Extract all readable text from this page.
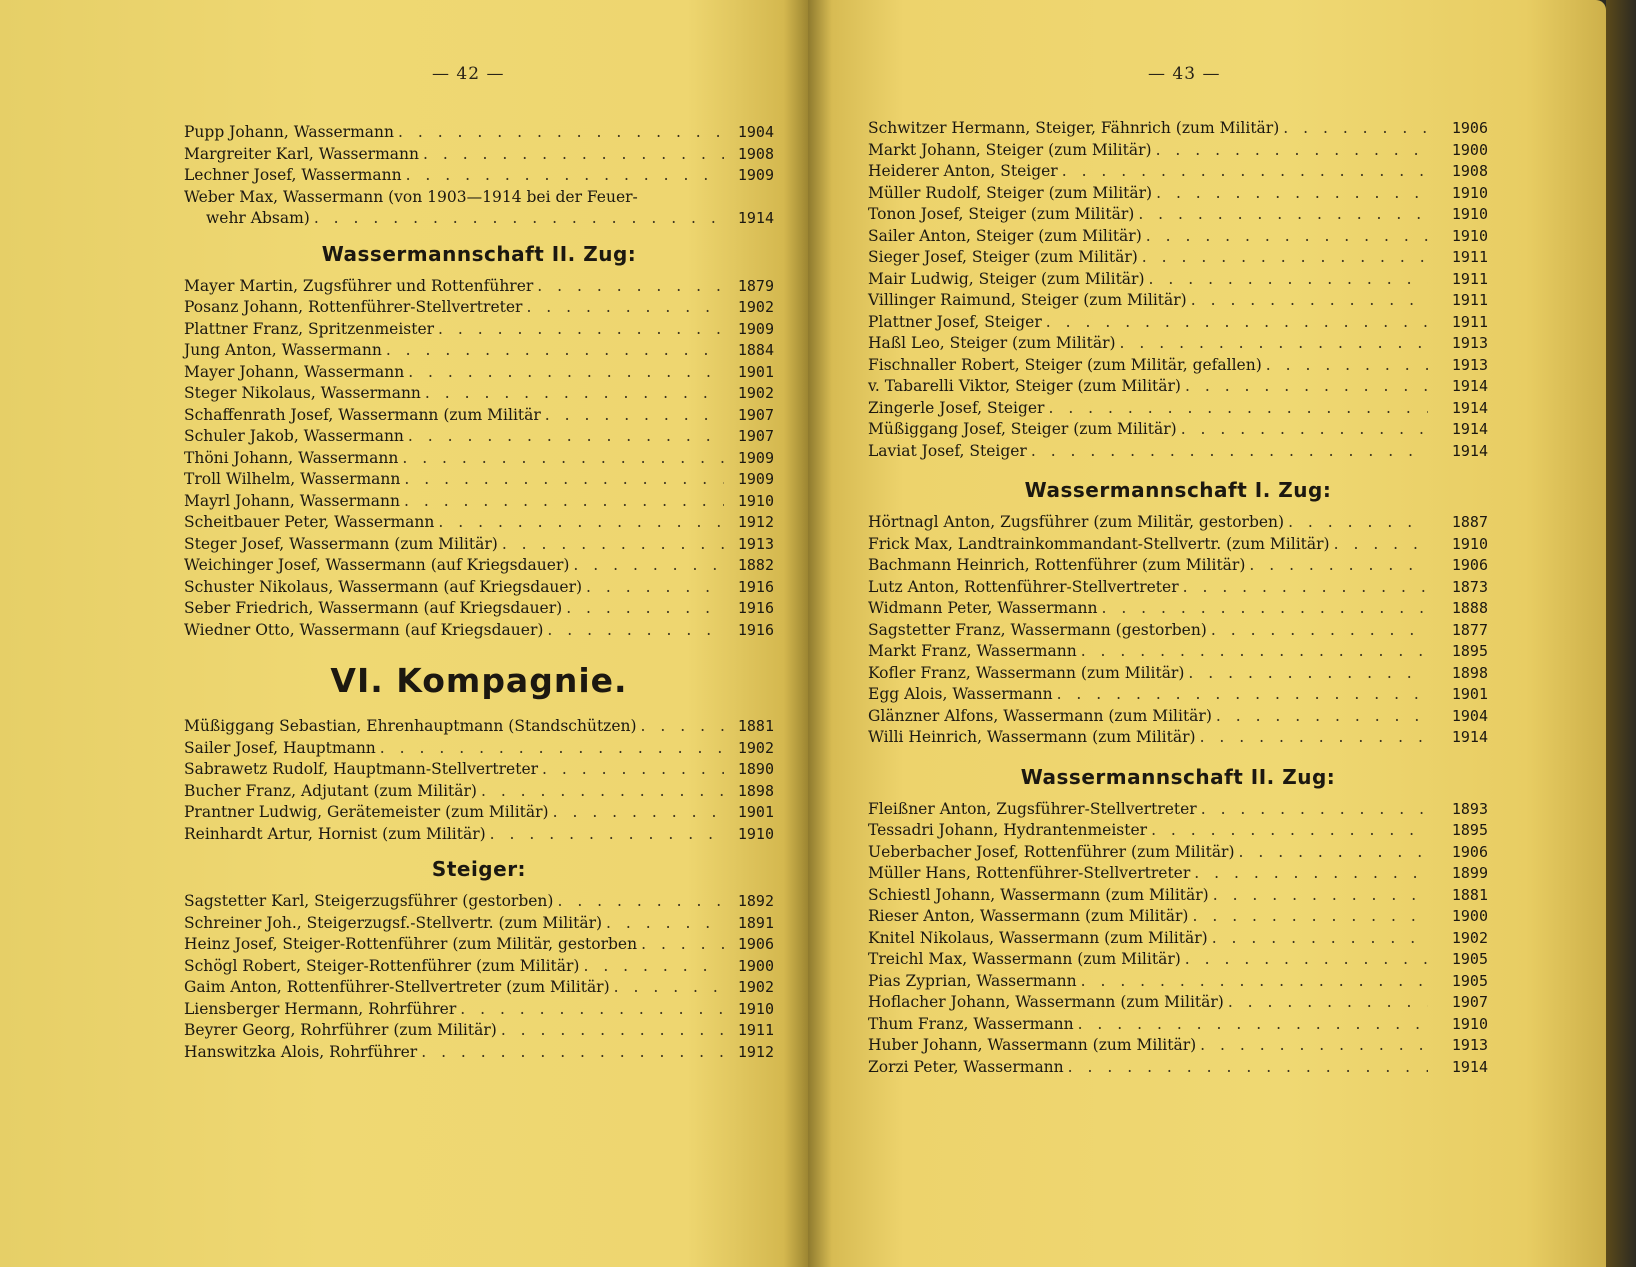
— 42 —
Pupp Johann, Wassermann . . .	1904
Margreiter Karl, Wassermann . . .	1908
Lechner Josef, Wassermann . . .	1909
Weber Max, Wassermann (von 1903—1914 bei der Feuer-
wehr Absam) . . .	1914
Wassermannschaft II. Zug:
Mayer Martin, Zugsführer und Rottenführer . . .	1879
Posanz Johann, Rottenführer-Stellvertreter . . .	1902
Plattner Franz, Spritzenmeister . . .	1909
Jung Anton, Wassermann . . .	1884
Mayer Johann, Wassermann . . .	1901
Steger Nikolaus, Wassermann . . .	1902
Schaffenrath Josef, Wassermann (zum Militär . . .	1907
Schuler Jakob, Wassermann . . .	1907
Thöni Johann, Wassermann . . .	1909
Troll Wilhelm, Wassermann . . .	1909
Mayrl Johann, Wassermann . . .	1910
Scheitbauer Peter, Wassermann . . .	1912
Steger Josef, Wassermann (zum Militär) . . .	1913
Weichinger Josef, Wassermann (auf Kriegsdauer) . . .	1882
Schuster Nikolaus, Wassermann (auf Kriegsdauer) . . .	1916
Seber Friedrich, Wassermann (auf Kriegsdauer) . . .	1916
Wiedner Otto, Wassermann (auf Kriegsdauer) . . .	1916
VI. Kompagnie.
Müßiggang Sebastian, Ehrenhauptmann (Standschützen) . . .	1881
Sailer Josef, Hauptmann . . .	1902
Sabrawetz Rudolf, Hauptmann-Stellvertreter . . .	1890
Bucher Franz, Adjutant (zum Militär) . . .	1898
Prantner Ludwig, Gerätemeister (zum Militär) . . .	1901
Reinhardt Artur, Hornist (zum Militär) . . .	1910
Steiger:
Sagstetter Karl, Steigerzugsführer (gestorben) . . .	1892
Schreiner Joh., Steigerzugsf.-Stellvertr. (zum Militär) . . .	1891
Heinz Josef, Steiger-Rottenführer (zum Militär, gestorben . . .	1906
Schögl Robert, Steiger-Rottenführer (zum Militär) . . .	1900
Gaim Anton, Rottenführer-Stellvertreter (zum Militär) . . .	1902
Liensberger Hermann, Rohrführer . . .	1910
Beyrer Georg, Rohrführer (zum Militär) . . .	1911
Hanswitzka Alois, Rohrführer . . .	1912
— 43 —
Schwitzer Hermann, Steiger, Fähnrich (zum Militär) . . .	1906
Markt Johann, Steiger (zum Militär) . . .	1900
Heiderer Anton, Steiger . . .	1908
Müller Rudolf, Steiger (zum Militär) . . .	1910
Tonon Josef, Steiger (zum Militär) . . .	1910
Sailer Anton, Steiger (zum Militär) . . .	1910
Sieger Josef, Steiger (zum Militär) . . .	1911
Mair Ludwig, Steiger (zum Militär) . . .	1911
Villinger Raimund, Steiger (zum Militär) . . .	1911
Plattner Josef, Steiger . . .	1911
Haßl Leo, Steiger (zum Militär) . . .	1913
Fischnaller Robert, Steiger (zum Militär, gefallen) . . .	1913
v. Tabarelli Viktor, Steiger (zum Militär) . . .	1914
Zingerle Josef, Steiger . . .	1914
Müßiggang Josef, Steiger (zum Militär) . . .	1914
Laviat Josef, Steiger . . .	1914
Wassermannschaft I. Zug:
Hörtnagl Anton, Zugsführer (zum Militär, gestorben) . . .	1887
Frick Max, Landtrainkommandant-Stellvertr. (zum Militär) . . .	1910
Bachmann Heinrich, Rottenführer (zum Militär) . . .	1906
Lutz Anton, Rottenführer-Stellvertreter . . .	1873
Widmann Peter, Wassermann . . .	1888
Sagstetter Franz, Wassermann (gestorben) . . .	1877
Markt Franz, Wassermann . . .	1895
Kofler Franz, Wassermann (zum Militär) . . .	1898
Egg Alois, Wassermann . . .	1901
Glänzner Alfons, Wassermann (zum Militär) . . .	1904
Willi Heinrich, Wassermann (zum Militär) . . .	1914
Wassermannschaft II. Zug:
Fleißner Anton, Zugsführer-Stellvertreter . . .	1893
Tessadri Johann, Hydrantenmeister . . .	1895
Ueberbacher Josef, Rottenführer (zum Militär) . . .	1906
Müller Hans, Rottenführer-Stellvertreter . . .	1899
Schiestl Johann, Wassermann (zum Militär) . . .	1881
Rieser Anton, Wassermann (zum Militär) . . .	1900
Knitel Nikolaus, Wassermann (zum Militär) . . .	1902
Treichl Max, Wassermann (zum Militär) . . .	1905
Pias Zyprian, Wassermann . . .	1905
Hoflacher Johann, Wassermann (zum Militär) . . .	1907
Thum Franz, Wassermann . . .	1910
Huber Johann, Wassermann (zum Militär) . . .	1913
Zorzi Peter, Wassermann . . .	1914
